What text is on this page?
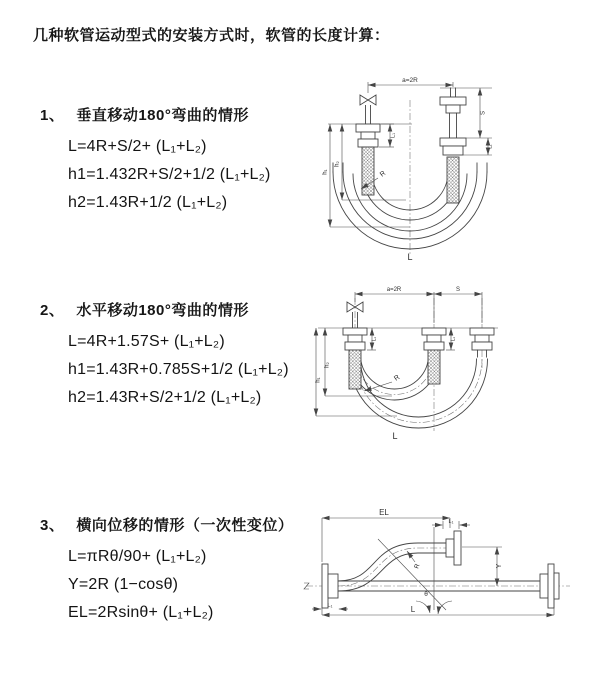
几种软管运动型式的安装方式时，软管的长度计算：
1、 垂直移动180°弯曲的情形
L=4R+S/2+ (L₁+L₂)
h1=1.432R+S/2+1/2 (L₁+L₂)
h2=1.43R+1/2 (L₁+L₂)
2、 水平移动180°弯曲的情形
L=4R+1.57S+ (L₁+L₂)
h1=1.43R+0.785S+1/2 (L₁+L₂)
h2=1.43R+S/2+1/2 (L₁+L₂)
3、 横向位移的情形（一次性变位）
L=πRθ/90+ (L₁+L₂)
Y=2R (1−cosθ)
EL=2Rsinθ+ (L₁+L₂)
a=2R
L₁
S
L₁
h₂
h₁	R
L
a=2R	S
L₁	L₁
h₂
h₁	R
L
θ
EL
L₁
Y
R
L₁	L
